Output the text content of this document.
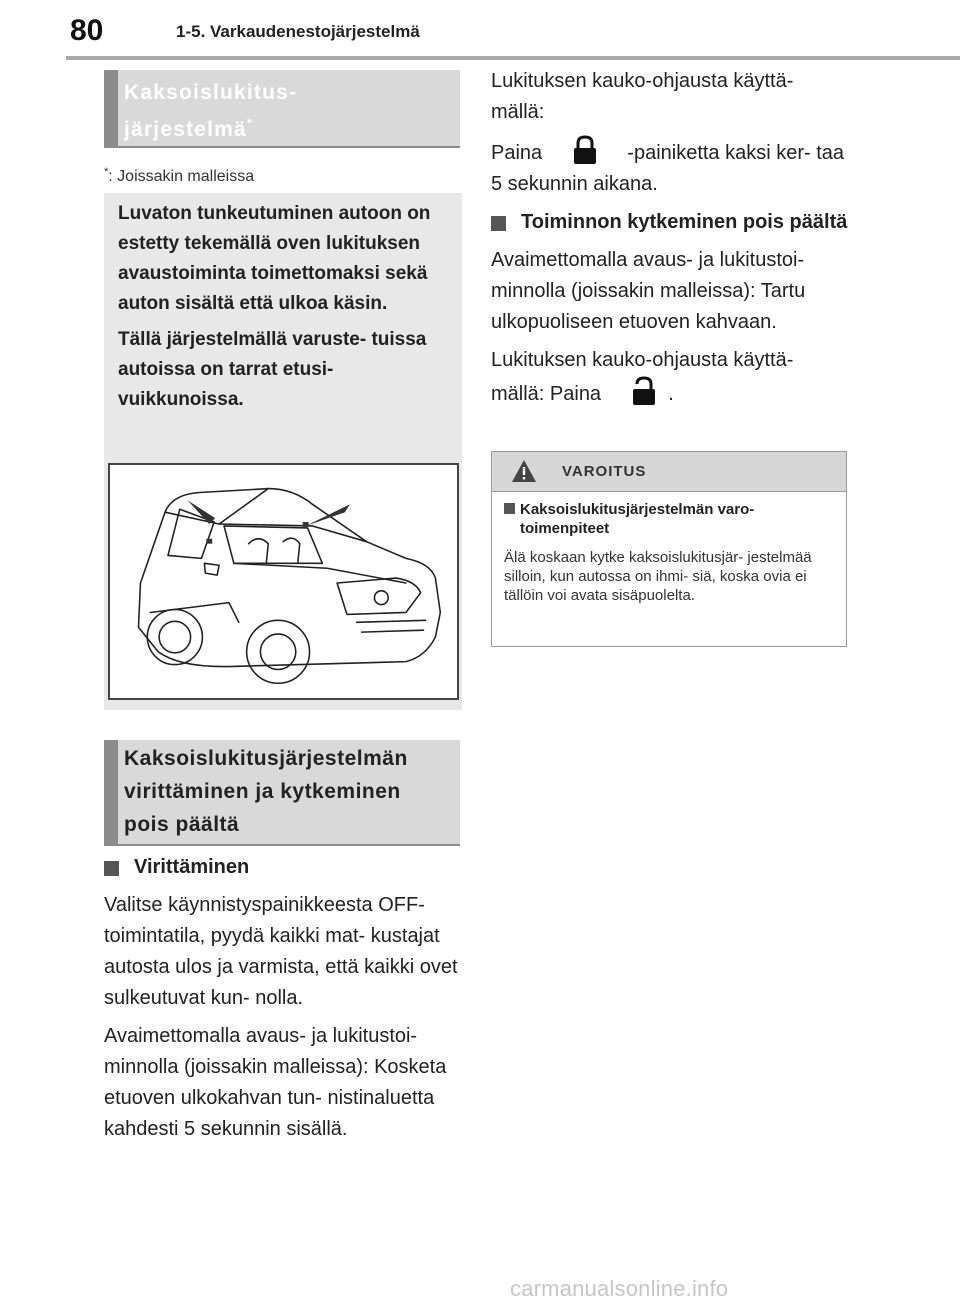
80	1-5. Varkaudenestojärjestelmä
Kaksoislukitus-
järjestelmä*
*: Joissakin malleissa

Luvaton tunkeutuminen autoon on estetty tekemällä oven lukituksen avaustoiminta toimettomaksi sekä auton sisältä että ulkoa käsin.

Tällä järjestelmällä varuste- tuissa autoissa on tarrat etusi- vuikkunoissa.

Kaksoislukitusjärjestelmän
virittäminen ja kytkeminen
pois päältä

Virittäminen

Valitse käynnistyspainikkeesta OFF-toimintatila, pyydä kaikki mat- kustajat autosta ulos ja varmista, että kaikki ovet sulkeutuvat kun- nolla.

Avaimettomalla avaus- ja lukitustoi- minnolla (joissakin malleissa): Kosketa etuoven ulkokahvan tun- nistinaluetta kahdesti 5 sekunnin sisällä.

Lukituksen kauko-ohjausta käyttä- mällä:

Paina	-painiketta kaksi ker- taa 5 sekunnin aikana.

Toiminnon kytkeminen pois päältä

Avaimettomalla avaus- ja lukitustoi- minnolla (joissakin malleissa): Tartu ulkopuoliseen etuoven kahvaan.

Lukituksen kauko-ohjausta käyttä- mällä: Paina	.

VAROITUS

Kaksoislukitusjärjestelmän varo- toimenpiteet

Älä koskaan kytke kaksoislukitusjär- jestelmää silloin, kun autossa on ihmi- siä, koska ovia ei tällöin voi avata sisäpuolelta.

carmanualsonline.info
